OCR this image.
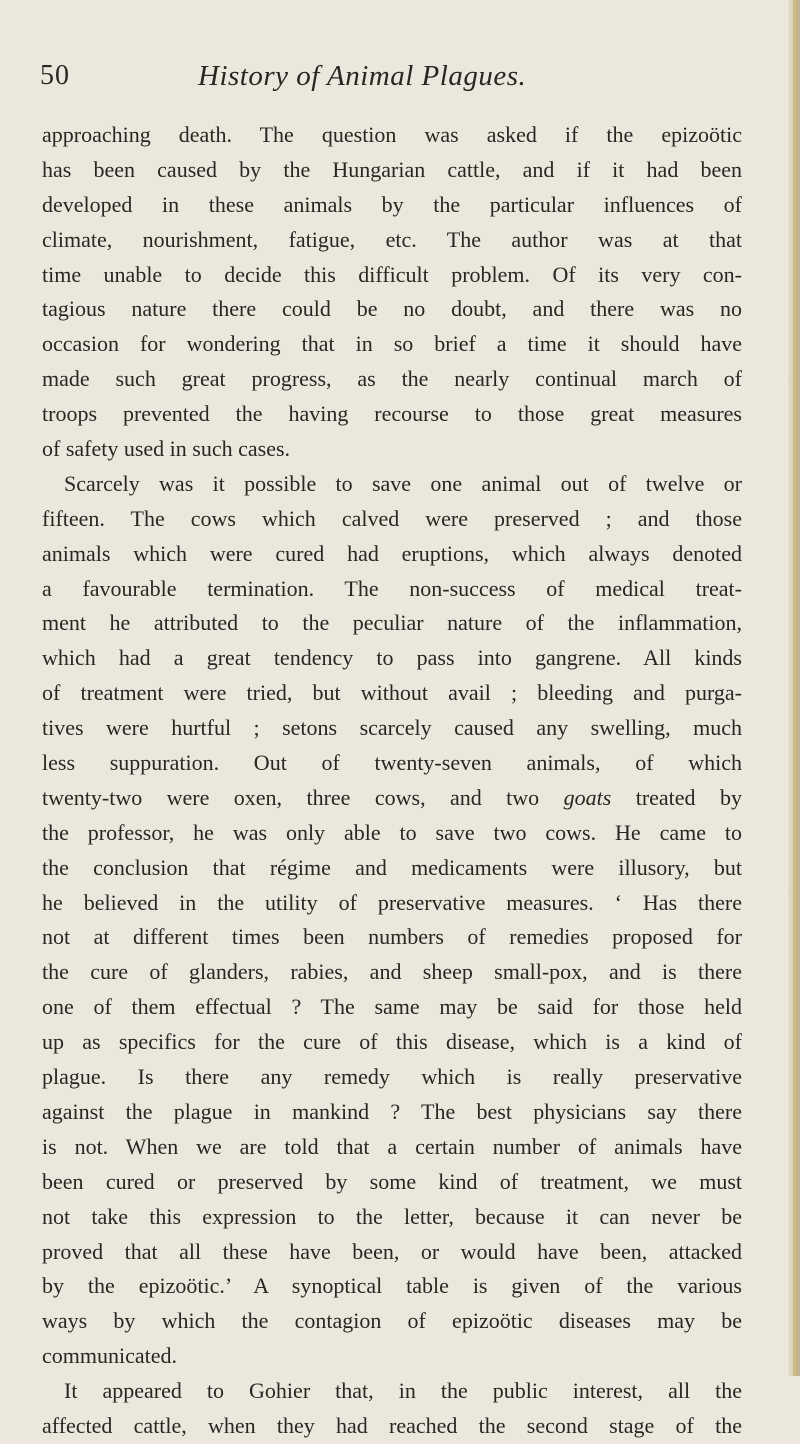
50	History of Animal Plagues.
approaching death. The question was asked if the epizoötic
has been caused by the Hungarian cattle, and if it had been
developed in these animals by the particular influences of
climate, nourishment, fatigue, etc. The author was at that
time unable to decide this difficult problem. Of its very con-
tagious nature there could be no doubt, and there was no
occasion for wondering that in so brief a time it should have
made such great progress, as the nearly continual march of
troops prevented the having recourse to those great measures
of safety used in such cases.
Scarcely was it possible to save one animal out of twelve or
fifteen. The cows which calved were preserved ; and those
animals which were cured had eruptions, which always denoted
a favourable termination. The non-success of medical treat-
ment he attributed to the peculiar nature of the inflammation,
which had a great tendency to pass into gangrene. All kinds
of treatment were tried, but without avail ; bleeding and purga-
tives were hurtful ; setons scarcely caused any swelling, much
less suppuration. Out of twenty-seven animals, of which
twenty-two were oxen, three cows, and two goats treated by
the professor, he was only able to save two cows. He came to
the conclusion that régime and medicaments were illusory, but
he believed in the utility of preservative measures. ‘ Has there
not at different times been numbers of remedies proposed for
the cure of glanders, rabies, and sheep small-pox, and is there
one of them effectual ? The same may be said for those held
up as specifics for the cure of this disease, which is a kind of
plague. Is there any remedy which is really preservative
against the plague in mankind ? The best physicians say there
is not. When we are told that a certain number of animals have
been cured or preserved by some kind of treatment, we must
not take this expression to the letter, because it can never be
proved that all these have been, or would have been, attacked
by the epizoötic.’ A synoptical table is given of the various
ways by which the contagion of epizoötic diseases may be
communicated.
It appeared to Gohier that, in the public interest, all the
affected cattle, when they had reached the second stage of the
